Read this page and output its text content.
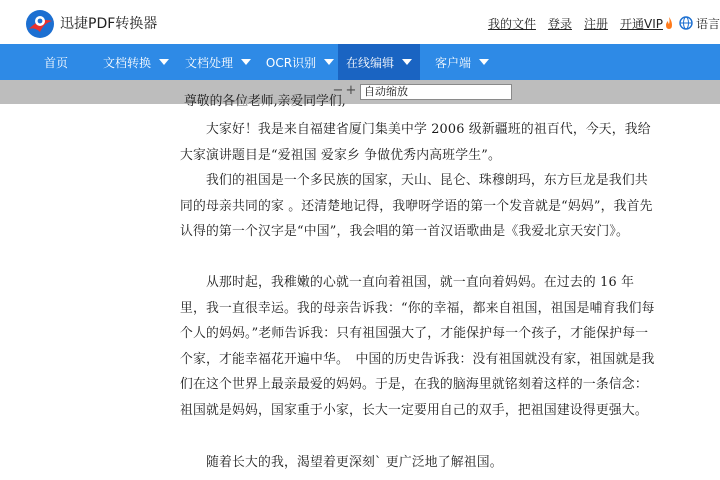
迅捷PDF转换器	我的文件 登录 注册 开通VIP	语言
首页	文档转换	文档处理	OCR识别 在线编辑	客户端
− + 自动缩放
尊敬的各位老师,亲爱同学们,

　　大家好！我是来自福建省厦门集美中学 2006 级新疆班的祖百代，今天，我给大家演讲题目是“爱祖国 爱家乡 争做优秀内高班学生”。

　　我们的祖国是一个多民族的国家，天山、昆仑、珠穆朗玛，东方巨龙是我们共同的母亲共同的家 。还清楚地记得，我咿呀学语的第一个发音就是“妈妈”，我首先认得的第一个汉字是“中国”，我会唱的第一首汉语歌曲是《我爱北京天安门》。

　　从那时起，我稚嫩的心就一直向着祖国，就一直向着妈妈。在过去的 16 年里，我一直很幸运。我的母亲告诉我：“你的幸福，都来自祖国，祖国是哺育我们每个人的妈妈。”老师告诉我：只有祖国强大了，才能保护每一个孩子，才能保护每一个家，才能幸福花开遍中华。　中国的历史告诉我：没有祖国就没有家，祖国就是我们在这个世界上最亲最爱的妈妈。于是，在我的脑海里就铭刻着这样的一条信念：祖国就是妈妈，国家重于小家，长大一定要用自己的双手，把祖国建设得更强大。

　　随着长大的我，渴望着更深刻` 更广泛地了解祖国。
